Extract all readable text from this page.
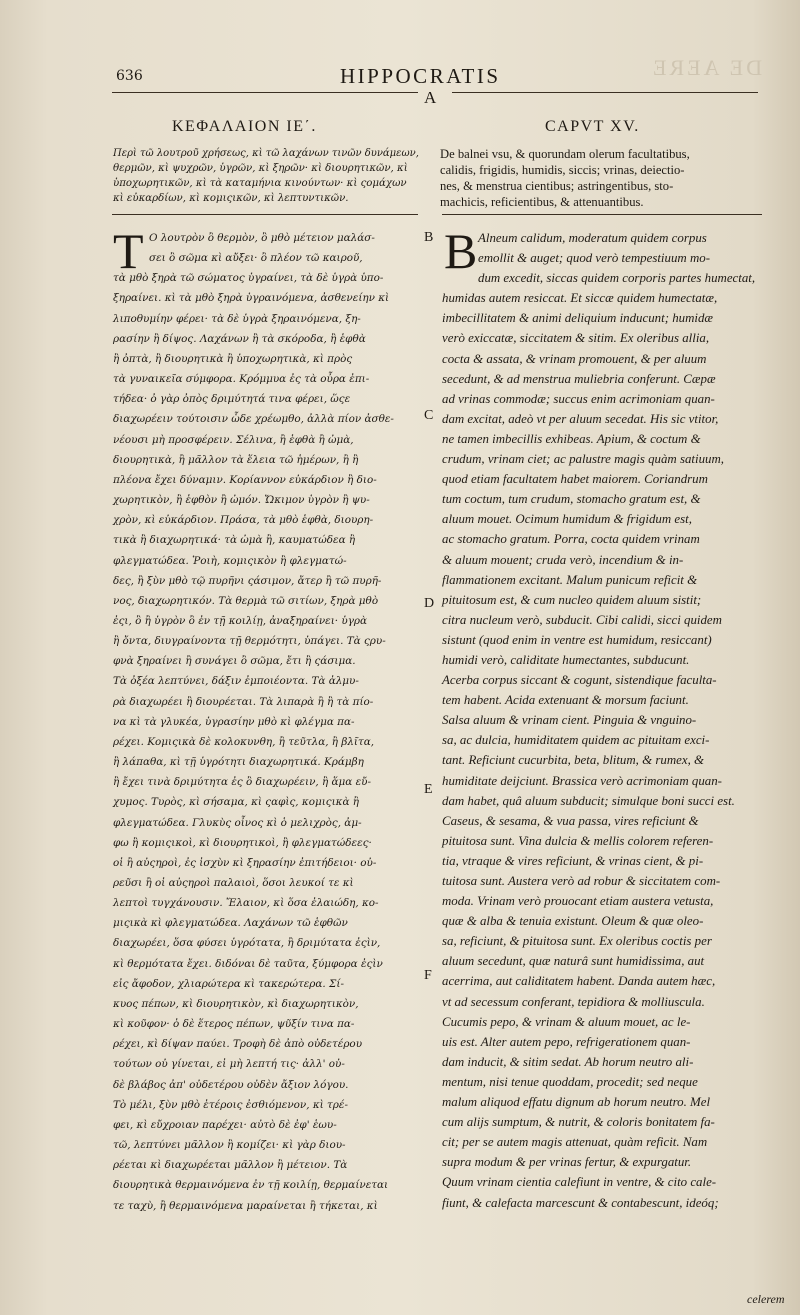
DE AERE
636	HIPPOCRATIS
A
ΚΕΦΑΛΑΙΟΝ ΙΕ΄.	CAPVT XV.
Περὶ τῶ λουτροῦ χρήσεως, κὶ τῶ λαχάνων τινῶν δυνάμεων,
θερμῶν, κὶ ψυχρῶν, ὑγρῶν, κὶ ξηρῶν· κὶ διουρητικῶν, κὶ
ὑποχωρητικῶν, κὶ τὰ καταμήνια κινούντων· κὶ ςομάχων
κὶ εὐκαρδίων, κὶ κομιςικῶν, κὶ λεπτυντικῶν.
De balnei vsu, & quorundam olerum facultatibus,
calidis, frigidis, humidis, siccis; vrinas, deiectio-
nes, & menstrua cientibus; astringentibus, sto-
machicis, reficientibus, & attenuantibus.
Τ	B
Ο λουτρὸν ὂ θερμὸν, ὂ μθὸ μέτειον μαλάσ-
σει ὂ σῶμα κὶ αὔξει· ὂ πλέον τῶ καιροῦ,
τὰ μθὸ ξηρὰ τῶ σώματος ὑγραίνει, τὰ δὲ ὑγρὰ ὑπο-
ξηραίνει. κὶ τὰ μθὸ ξηρὰ ὑγραινόμενα, ἀσθενείην κὶ
λιποθυμίην φέρει· τὰ δὲ ὑγρὰ ξηραινόμενα, ξη-
ρασίην ἢ δίψος. Λαχάνων ἢ τὰ σκόροδα, ἢ ἑφθὰ
ἢ ὀπτὰ, ἢ διουρητικὰ ἢ ὑποχωρητικὰ, κὶ πρὸς
τὰ γυναικεῖα σύμφορα. Κρόμμυα ἐς τὰ οὖρα ἐπι-
τήδεα· ὀ γὰρ ὀπὸς δριμύτητά τινα φέρει, ὥςε
διαχωρέειν τούτοισιν ὧδε χρέωμθο, ἀλλὰ πίον ἀσθε-
νέουσι μὴ προσφέρειν. Σέλινα, ἢ ἑφθὰ ἢ ὠμὰ,
διουρητικὰ, ἢ μᾶλλον τὰ ἕλεια τῶ ἡμέρων, ἢ ἢ
πλέονα ἔχει δύναμιν. Κορίαννον εὐκάρδιον ἢ διο-
χωρητικὸν, ἢ ἑφθὸν ἢ ὠμόν. Ὤκιμον ὑγρὸν ἢ ψυ-
χρὸν, κὶ εὐκάρδιον. Πράσα, τὰ μθὸ ἑφθὰ, διουρη-
τικὰ ἢ διαχωρητικά· τὰ ὠμὰ ἢ, καυματώδεα ἢ
φλεγματώδεα. Ῥοιὴ, κομιςικὸν ἢ φλεγματώ-
δες, ἢ ξὺν μθὸ τῷ πυρῆνι ςάσιμον, ἄτερ ἢ τῶ πυρῆ-
νος, διαχωρητικόν. Τὰ θερμὰ τῶ σιτίων, ξηρὰ μθὸ
ἐςι, ὂ ἢ ὑγρὸν ὂ ἐν τῇ κοιλίῃ, ἀναξηραίνει· ὑγρὰ
ἢ ὄντα, διυγραίνοντα τῇ θερμότητι, ὑπάγει. Τὰ ςρυ-
φνὰ ξηραίνει ἢ συνάγει ὂ σῶμα, ἔτι ἢ ςάσιμα.
Τὰ ὀξέα λεπτύνει, δάξιν ἐμποιέοντα. Τὰ ἁλμυ-
ρὰ διαχωρέει ἢ διουρέεται. Τὰ λιπαρὰ ἢ ἢ τὰ πίο-
να κὶ τὰ γλυκέα, ὑγρασίην μθὸ κὶ φλέγμα πα-
ρέχει. Κομιςικὰ δὲ κολοκυνθη, ἢ τεῦτλα, ἢ βλῖτα,
ἢ λάπαθα, κὶ τῇ ὑγρότητι διαχωρητικά. Κράμβη
ἢ ἔχει τινὰ δριμύτητα ἐς ὂ διαχωρέειν, ἢ ἅμα εὔ-
χυμος. Τυρὸς, κὶ σήσαμα, κὶ ςαφὶς, κομιςικὰ ἢ
φλεγματώδεα. Γλυκὺς οἶνος κὶ ὁ μελιχρὸς, ἀμ-
φω ἢ κομιςικοὶ, κὶ διουρητικοὶ, ἢ φλεγματώδεες·
οἱ ἢ αὐςηροὶ, ἐς ἰσχὺν κὶ ξηρασίην ἐπιτήδειοι· οὐ-
ρεῦσι ἢ οἱ αὐςηροὶ παλαιοὶ, ὅσοι λευκοί τε κὶ
λεπτοὶ τυγχάνουσιν. Ἔλαιον, κὶ ὅσα ἐλαιώδη, κο-
μιςικὰ κὶ φλεγματώδεα. Λαχάνων τῶ ἑφθῶν
διαχωρέει, ὅσα φύσει ὑγρότατα, ἢ δριμύτατα ἐςὶν,
κὶ θερμότατα ἔχει. διδόναι δὲ ταῦτα, ξύμφορα ἐςὶν
εἰς ἄφοδον, χλιαρώτερα κὶ τακερώτερα. Σί-
κυος πέπων, κὶ διουρητικὸν, κὶ διαχωρητικὸν,
κὶ κοῦφον· ὁ δὲ ἕτερος πέπων, ψῦξίν τινα πα-
ρέχει, κὶ δίψαν παύει. Τροφὴ δὲ ἀπὸ οὐδετέρου
τούτων οὐ γίνεται, εἰ μὴ λεπτή τις· ἀλλ' οὐ-
δὲ βλάβος ἀπ' οὐδετέρου οὐδὲν ἄξιον λόγου.
Τὸ μέλι, ξὺν μθὸ ἑτέροις ἐσθιόμενον, κὶ τρέ-
φει, κὶ εὔχροιαν παρέχει· αὐτὸ δὲ ἐφ' ἑωυ-
τῶ, λεπτύνει μᾶλλον ἢ κομίζει· κὶ γὰρ διου-
ρέεται κὶ διαχωρέεται μᾶλλον ἢ μέτειον. Τὰ
διουρητικὰ θερμαινόμενα ἐν τῇ κοιλίῃ, θερμαίνεται
τε ταχὺ, ἢ θερμαινόμενα μαραίνεται ἢ τήκεται, κὶ
Alneum calidum, moderatum quidem corpus
emollit & auget; quod verò tempestiuum mo-
dum excedit, siccas quidem corporis partes humectat,
humidas autem resiccat. Et siccæ quidem humectatæ,
imbecillitatem & animi deliquium inducunt; humidæ
verò exiccatæ, siccitatem & sitim. Ex oleribus allia,
cocta & assata, & vrinam promouent, & per aluum
secedunt, & ad menstrua muliebria conferunt. Cæpæ
ad vrinas commodæ; succus enim acrimoniam quan-
dam excitat, adeò vt per aluum secedat. His sic vtitor,
ne tamen imbecillis exhibeas. Apium, & coctum &
crudum, vrinam ciet; ac palustre magis quàm satiuum,
quod etiam facultatem habet maiorem. Coriandrum
tum coctum, tum crudum, stomacho gratum est, &
aluum mouet. Ocimum humidum & frigidum est,
ac stomacho gratum. Porra, cocta quidem vrinam
& aluum mouent; cruda verò, incendium & in-
flammationem excitant. Malum punicum reficit &
pituitosum est, & cum nucleo quidem aluum sistit;
citra nucleum verò, subducit. Cibi calidi, sicci quidem
sistunt (quod enim in ventre est humidum, resiccant)
humidi verò, caliditate humectantes, subducunt.
Acerba corpus siccant & cogunt, sistendique faculta-
tem habent. Acida extenuant & morsum faciunt.
Salsa aluum & vrinam cient. Pinguia & vnguino-
sa, ac dulcia, humiditatem quidem ac pituitam exci-
tant. Reficiunt cucurbita, beta, blitum, & rumex, &
humiditate deijciunt. Brassica verò acrimoniam quan-
dam habet, quâ aluum subducit; simulque boni succi est.
Caseus, & sesama, & vua passa, vires reficiunt &
pituitosa sunt. Vina dulcia & mellis colorem referen-
tia, vtraque & vires reficiunt, & vrinas cient, & pi-
tuitosa sunt. Austera verò ad robur & siccitatem com-
moda. Vrinam verò prouocant etiam austera vetusta,
quæ & alba & tenuia existunt. Oleum & quæ oleo-
sa, reficiunt, & pituitosa sunt. Ex oleribus coctis per
aluum secedunt, quæ naturâ sunt humidissima, aut
acerrima, aut caliditatem habent. Danda autem hæc,
vt ad secessum conferant, tepidiora & molliuscula.
Cucumis pepo, & vrinam & aluum mouet, ac le-
uis est. Alter autem pepo, refrigerationem quan-
dam inducit, & sitim sedat. Ab horum neutro ali-
mentum, nisi tenue quoddam, procedit; sed neque
malum aliquod effatu dignum ab horum neutro. Mel
cum alijs sumptum, & nutrit, & coloris bonitatem fa-
cit; per se autem magis attenuat, quàm reficit. Nam
supra modum & per vrinas fertur, & expurgatur.
Quum vrinam cientia calefiunt in ventre, & cito cale-
fiunt, & calefacta marcescunt & contabescunt, ideóq;
B
C
D
E
F
celerem
